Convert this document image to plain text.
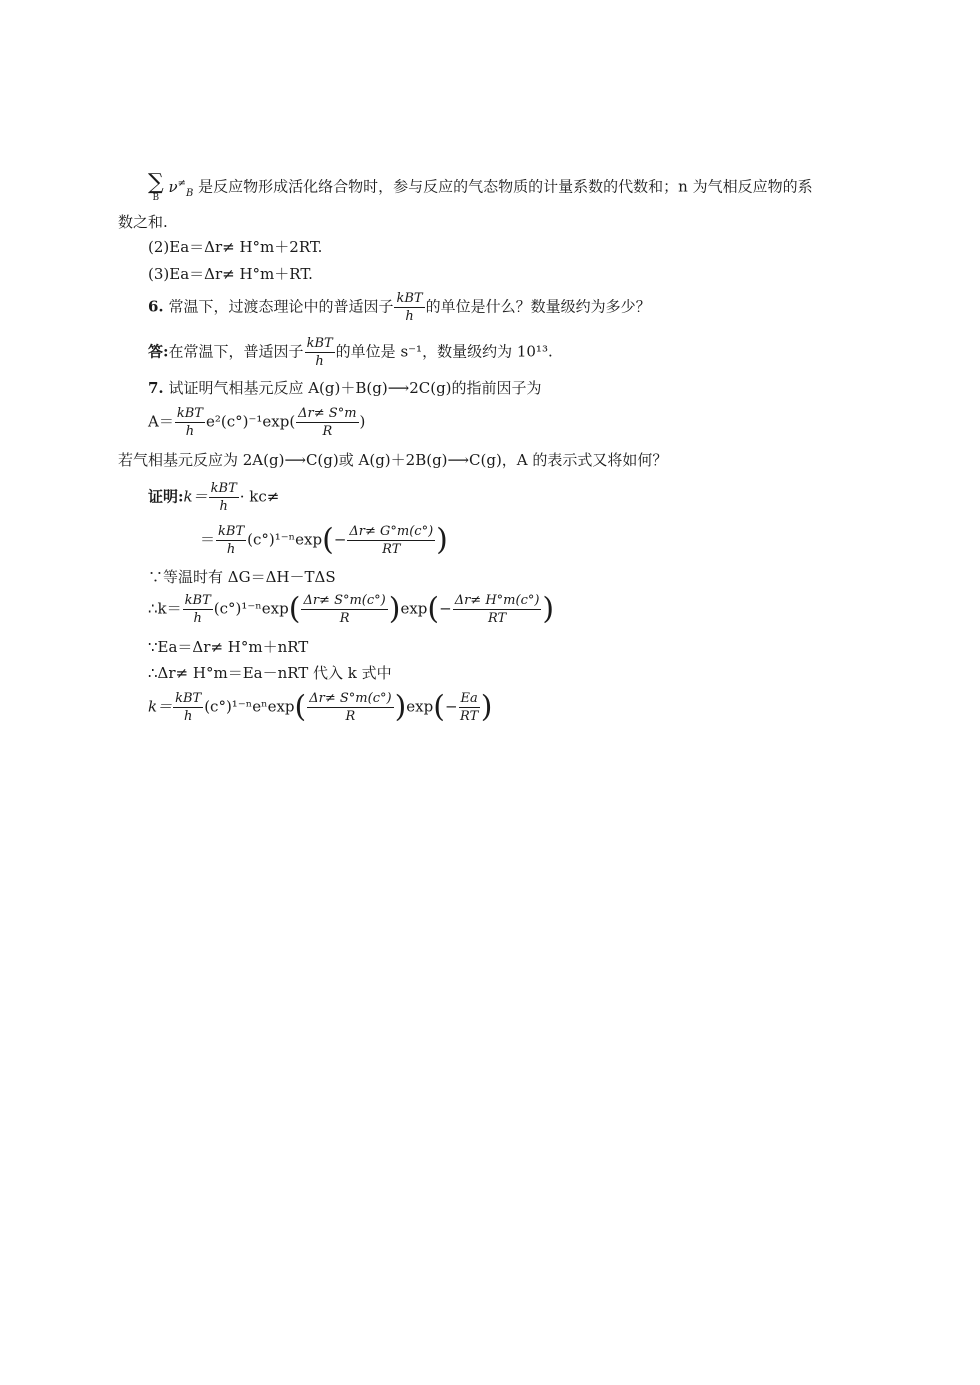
∑
B
$\nu^\ne_B$ 是反应物形成活化络合物时，参与反应的气态物质的计量系数的代数和；n 为气相反应物的系
数之和.
(2)Ea＝Δr≠ H°m＋2RT.
(3)Ea＝Δr≠ H°m＋RT.
6. 常温下，过渡态理论中的普适因子 $\frac{\text{kBT}}{h}$ 的单位是什么？数量级约为多少？
答:在常温下，普适因子 $\frac{\text{kBT}}{h}$ 的单位是 s⁻¹，数量级约为 10¹³.
7. 试证明气相基元反应 A(g)＋B(g)⟶2C(g)的指前因子为
$A= \frac{\text{kBT}}{h} e^2(c^\circ)^{-1}\exp( \frac{\Delta r\ne S^\circ m}{R}$ )
若气相基元反应为 2A(g)⟶C(g)或 A(g)＋2B(g)⟶C(g)，A 的表示式又将如何？
证明:k＝ $\frac{\text{kBT}}{h} \cdot kc\ne$
＝ $\frac{\text{kBT}}{h} (c^\circ)^{1-n}\exp(- \frac{\Delta r\ne G^\circ m(c^\circ)}{RT}$ )
∵等温时有 ΔG＝ΔH－TΔS
∴k＝ $\frac{\text{kBT}}{h} (c^\circ)^{1-n}\exp( \frac{\Delta r\ne S^\circ m(c^\circ)}{R} )\exp(- \frac{\Delta r\ne H^\circ m(c^\circ)}{RT}$ )
∵Ea＝Δr≠ H°m＋nRT
∴Δr≠ H°m＝Ea－nRT 代入 k 式中
$k= \frac{\text{kBT}}{h} (c^\circ)^{1-n}e^n\exp( \frac{\Delta r\ne S^\circ m(c^\circ)}{R} )\exp(- \frac{Ea}{RT}$ )
